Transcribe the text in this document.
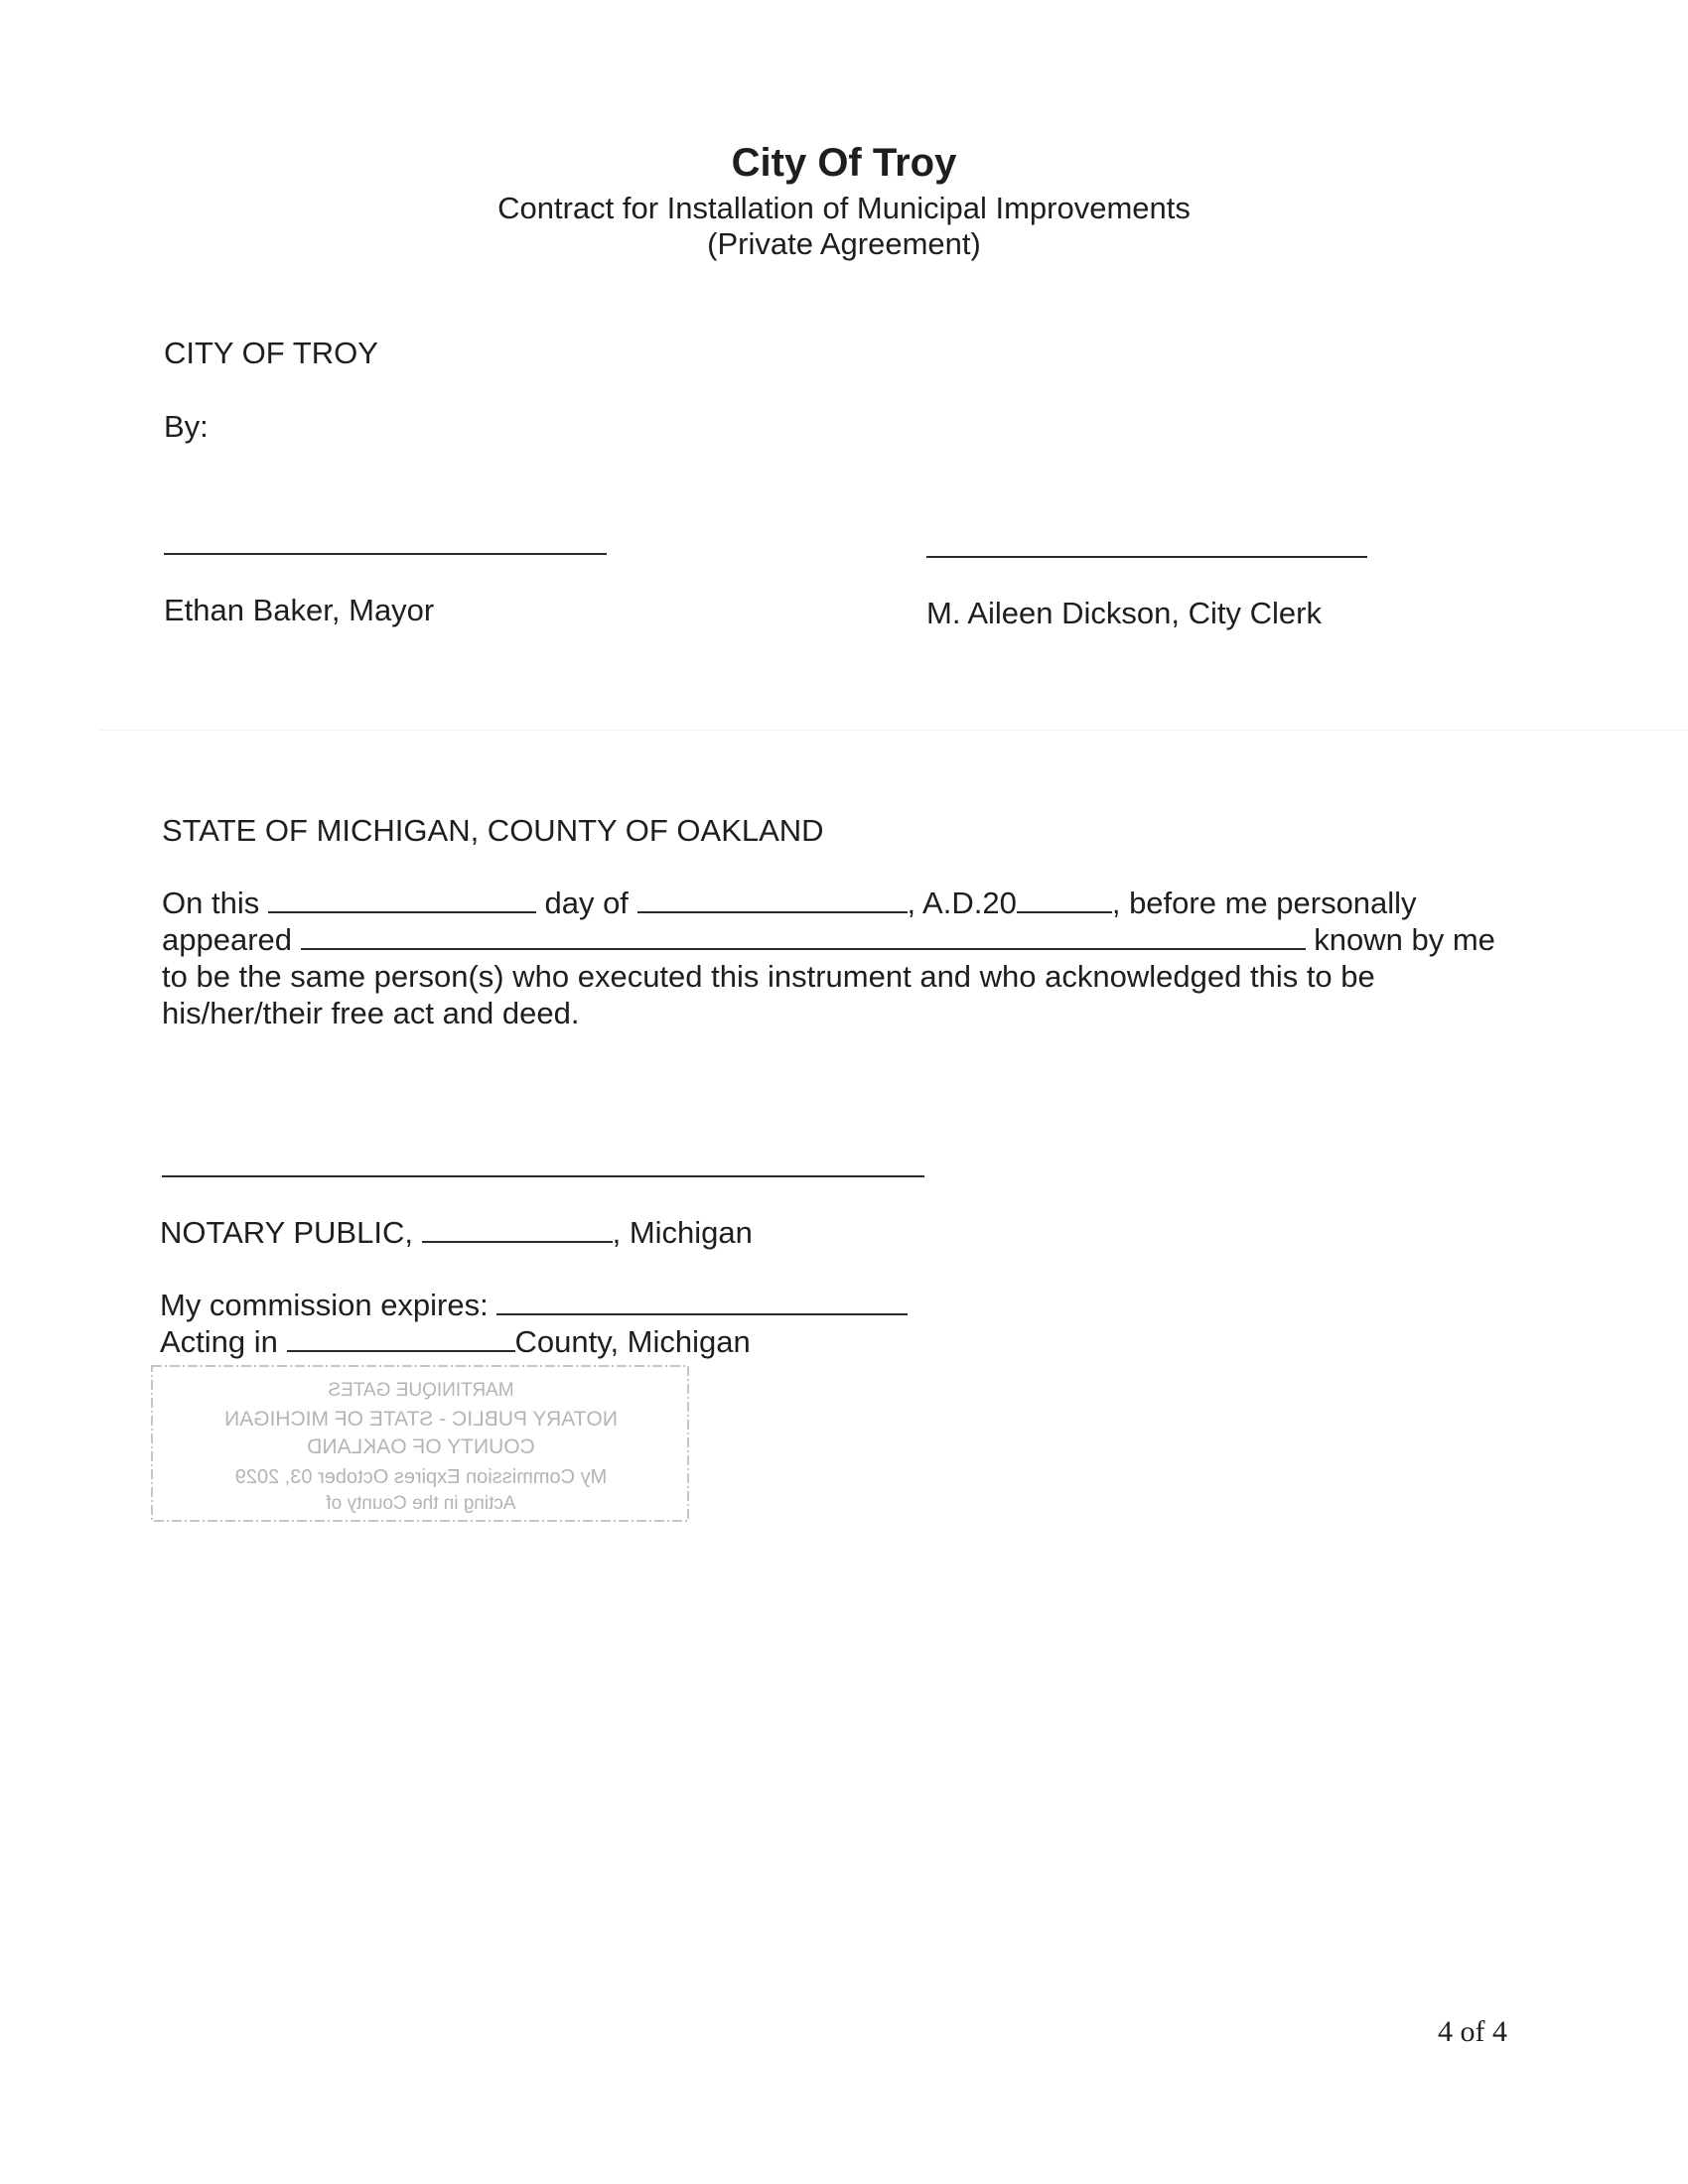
City Of Troy
Contract for Installation of Municipal Improvements
(Private Agreement)
CITY OF TROY
By:
Ethan Baker, Mayor	M. Aileen Dickson, City Clerk
STATE OF MICHIGAN, COUNTY OF OAKLAND
On this	day of	, A.D.20	, before me personally
appeared	known by me
to be the same person(s) who executed this instrument and who acknowledged this to be
his/her/their free act and deed.
NOTARY PUBLIC,	, Michigan
My commission expires:
Acting in	County, Michigan
MARTINIQUE GATES
NOTARY PUBLIC - STATE OF MICHIGAN
COUNTY OF OAKLAND
My Commission Expires October 03, 2029
Acting in the County of
4 of 4
